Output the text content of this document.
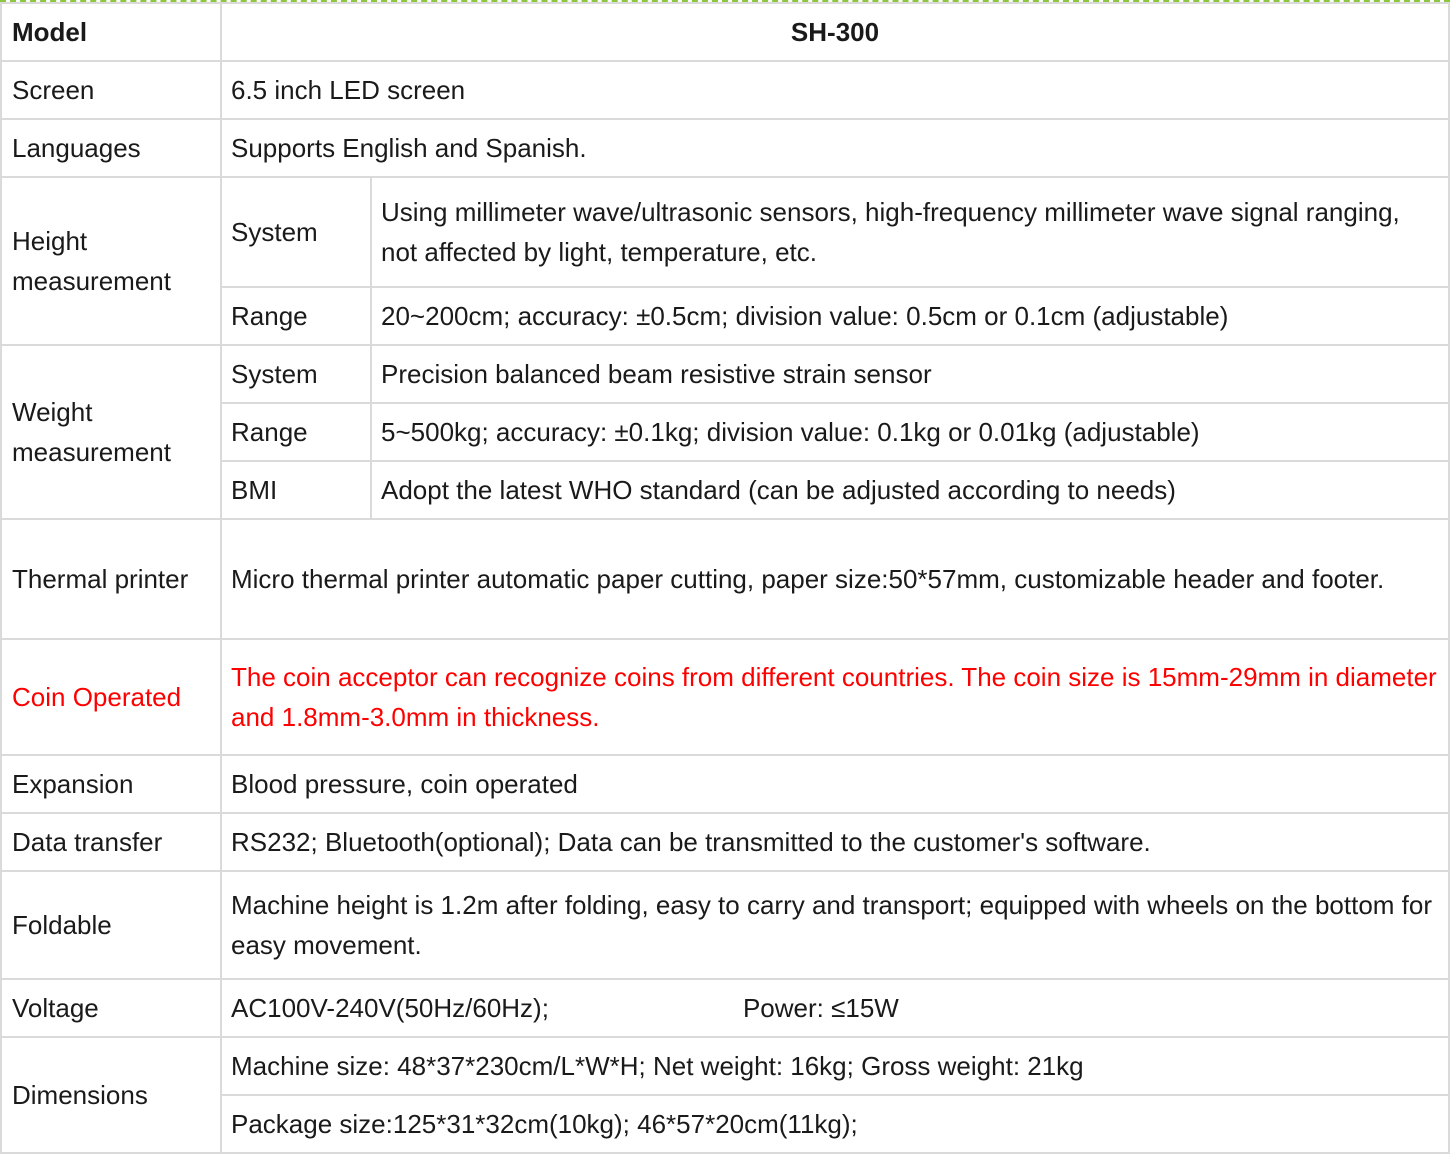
Model	SH-300	
Screen	6.5 inch LED screen	
Languages	Supports English and Spanish.	
Height measurement	System	Using millimeter wave/ultrasonic sensors, high-frequency millimeter wave signal ranging, not affected by light, temperature, etc.
	Range	20~200cm; accuracy: ±0.5cm; division value: 0.5cm or 0.1cm (adjustable)
Weight measurement	System	Precision balanced beam resistive strain sensor
	Range	5~500kg; accuracy: ±0.1kg; division value: 0.1kg or 0.01kg (adjustable)
	BMI	Adopt the latest WHO standard (can be adjusted according to needs)
Thermal printer	Micro thermal printer automatic paper cutting, paper size:50*57mm, customizable header and footer.	
Coin Operated	The coin acceptor can recognize coins from different countries. The coin size is 15mm-29mm in diameter and 1.8mm-3.0mm in thickness.	
Expansion	Blood pressure, coin operated	
Data transfer	RS232; Bluetooth(optional); Data can be transmitted to the customer's software.	
Foldable	Machine height is 1.2m after folding, easy to carry and transport; equipped with wheels on the bottom for easy movement.	
Voltage	AC100V-240V(50Hz/60Hz); Power: ≤15W	
Dimensions	Machine size: 48*37*230cm/L*W*H; Net weight: 16kg; Gross weight: 21kg	
	Package size:125*31*32cm(10kg); 46*57*20cm(11kg);	
